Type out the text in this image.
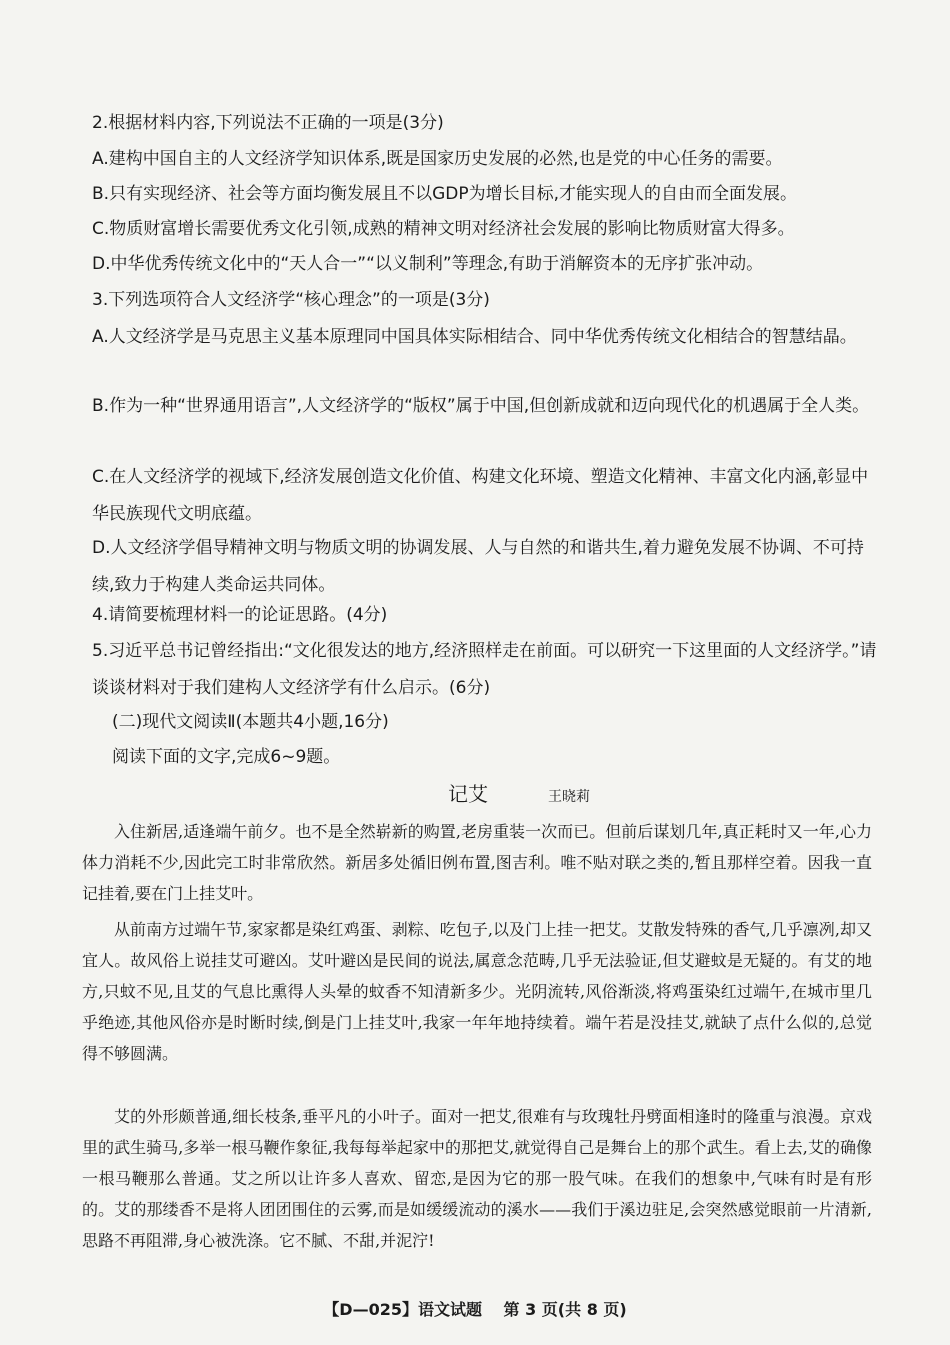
2.根据材料内容,下列说法不正确的一项是(3分)
A.建构中国自主的人文经济学知识体系,既是国家历史发展的必然,也是党的中心任务的需要。
B.只有实现经济、社会等方面均衡发展且不以GDP为增长目标,才能实现人的自由而全面发展。
C.物质财富增长需要优秀文化引领,成熟的精神文明对经济社会发展的影响比物质财富大得多。
D.中华优秀传统文化中的“天人合一”“以义制利”等理念,有助于消解资本的无序扩张冲动。
3.下列选项符合人文经济学“核心理念”的一项是(3分)
A.人文经济学是马克思主义基本原理同中国具体实际相结合、同中华优秀传统文化相结合的智慧结晶。
B.作为一种“世界通用语言”,人文经济学的“版权”属于中国,但创新成就和迈向现代化的机遇属于全人类。
C.在人文经济学的视域下,经济发展创造文化价值、构建文化环境、塑造文化精神、丰富文化内涵,彰显中华民族现代文明底蕴。
D.人文经济学倡导精神文明与物质文明的协调发展、人与自然的和谐共生,着力避免发展不协调、不可持续,致力于构建人类命运共同体。
4.请简要梳理材料一的论证思路。(4分)
5.习近平总书记曾经指出:“文化很发达的地方,经济照样走在前面。可以研究一下这里面的人文经济学。”请谈谈材料对于我们建构人文经济学有什么启示。(6分)
(二)现代文阅读Ⅱ(本题共4小题,16分)
阅读下面的文字,完成6~9题。
记艾	王晓莉
入住新居,适逢端午前夕。也不是全然崭新的购置,老房重装一次而已。但前后谋划几年,真正耗时又一年,心力体力消耗不少,因此完工时非常欣然。新居多处循旧例布置,图吉利。唯不贴对联之类的,暂且那样空着。因我一直记挂着,要在门上挂艾叶。
从前南方过端午节,家家都是染红鸡蛋、剥粽、吃包子,以及门上挂一把艾。艾散发特殊的香气,几乎凛冽,却又宜人。故风俗上说挂艾可避凶。艾叶避凶是民间的说法,属意念范畴,几乎无法验证,但艾避蚊是无疑的。有艾的地方,只蚊不见,且艾的气息比熏得人头晕的蚊香不知清新多少。光阴流转,风俗渐淡,将鸡蛋染红过端午,在城市里几乎绝迹,其他风俗亦是时断时续,倒是门上挂艾叶,我家一年年地持续着。端午若是没挂艾,就缺了点什么似的,总觉得不够圆满。
艾的外形颇普通,细长枝条,垂平凡的小叶子。面对一把艾,很难有与玫瑰牡丹劈面相逢时的隆重与浪漫。京戏里的武生骑马,多举一根马鞭作象征,我每每举起家中的那把艾,就觉得自己是舞台上的那个武生。看上去,艾的确像一根马鞭那么普通。艾之所以让许多人喜欢、留恋,是因为它的那一股气味。在我们的想象中,气味有时是有形的。艾的那缕香不是将人团团围住的云雾,而是如缓缓流动的溪水——我们于溪边驻足,会突然感觉眼前一片清新,思路不再阻滞,身心被洗涤。它不腻、不甜,并泥泞!
【D—025】语文试题　 第 3 页(共 8 页)
